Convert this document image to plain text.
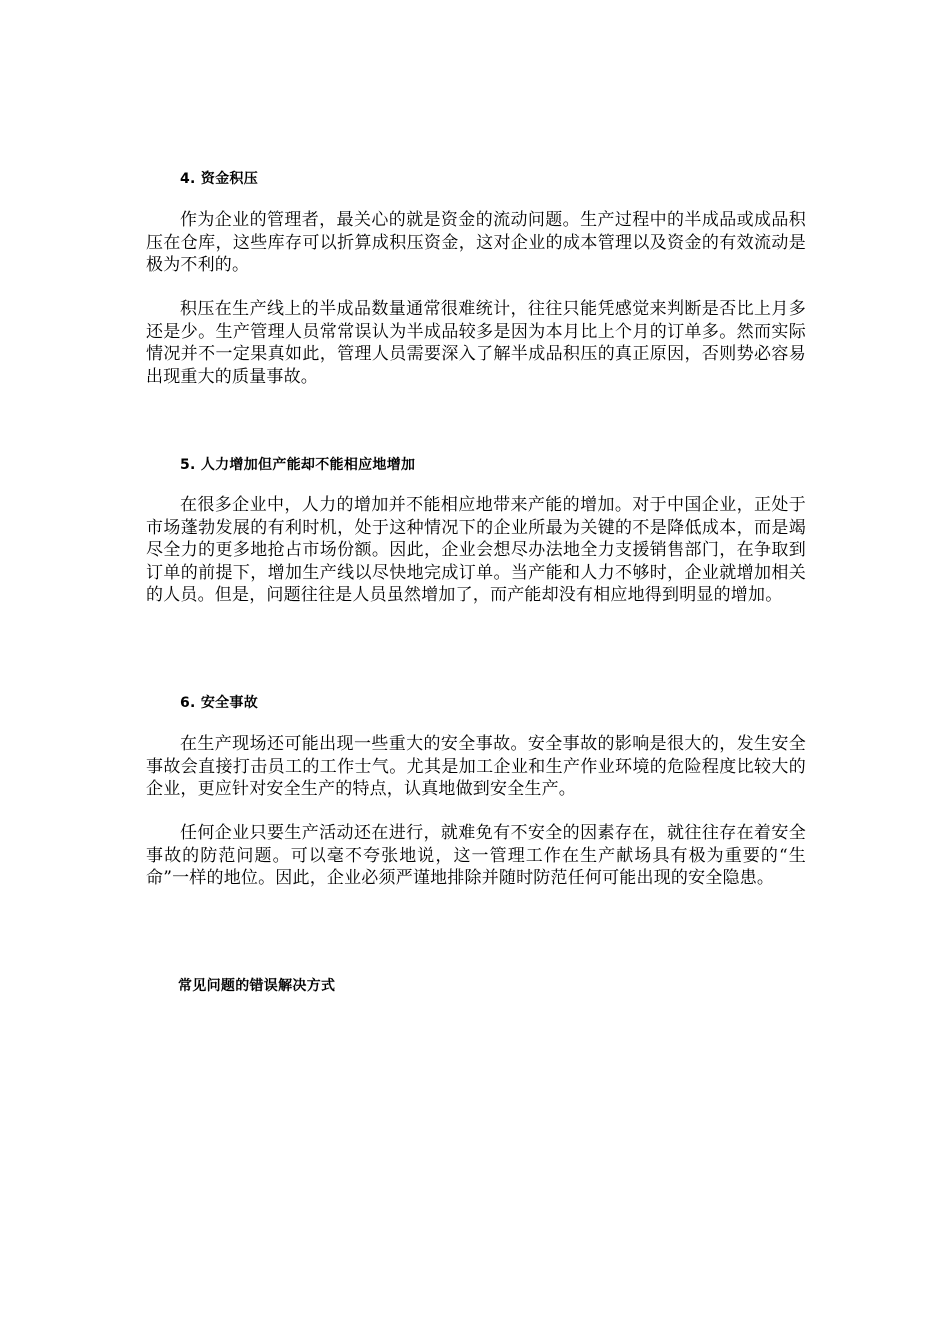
4. 资金积压

作为企业的管理者，最关心的就是资金的流动问题。生产过程中的半成品或成品积压在仓库，这些库存可以折算成积压资金，这对企业的成本管理以及资金的有效流动是极为不利的。

积压在生产线上的半成品数量通常很难统计，往往只能凭感觉来判断是否比上月多还是少。生产管理人员常常误认为半成品较多是因为本月比上个月的订单多。然而实际情况并不一定果真如此，管理人员需要深入了解半成品积压的真正原因，否则势必容易出现重大的质量事故。

5. 人力增加但产能却不能相应地增加

在很多企业中，人力的增加并不能相应地带来产能的增加。对于中国企业，正处于市场蓬勃发展的有利时机，处于这种情况下的企业所最为关键的不是降低成本，而是竭尽全力的更多地抢占市场份额。因此，企业会想尽办法地全力支援销售部门，在争取到订单的前提下，增加生产线以尽快地完成订单。当产能和人力不够时，企业就增加相关的人员。但是，问题往往是人员虽然增加了，而产能却没有相应地得到明显的增加。

6. 安全事故

在生产现场还可能出现一些重大的安全事故。安全事故的影响是很大的，发生安全事故会直接打击员工的工作士气。尤其是加工企业和生产作业环境的危险程度比较大的企业，更应针对安全生产的特点，认真地做到安全生产。

任何企业只要生产活动还在进行，就难免有不安全的因素存在，就往往存在着安全事故的防范问题。可以毫不夸张地说，这一管理工作在生产献场具有极为重要的“生命”一样的地位。因此，企业必须严谨地排除并随时防范任何可能出现的安全隐患。

常见问题的错误解决方式
